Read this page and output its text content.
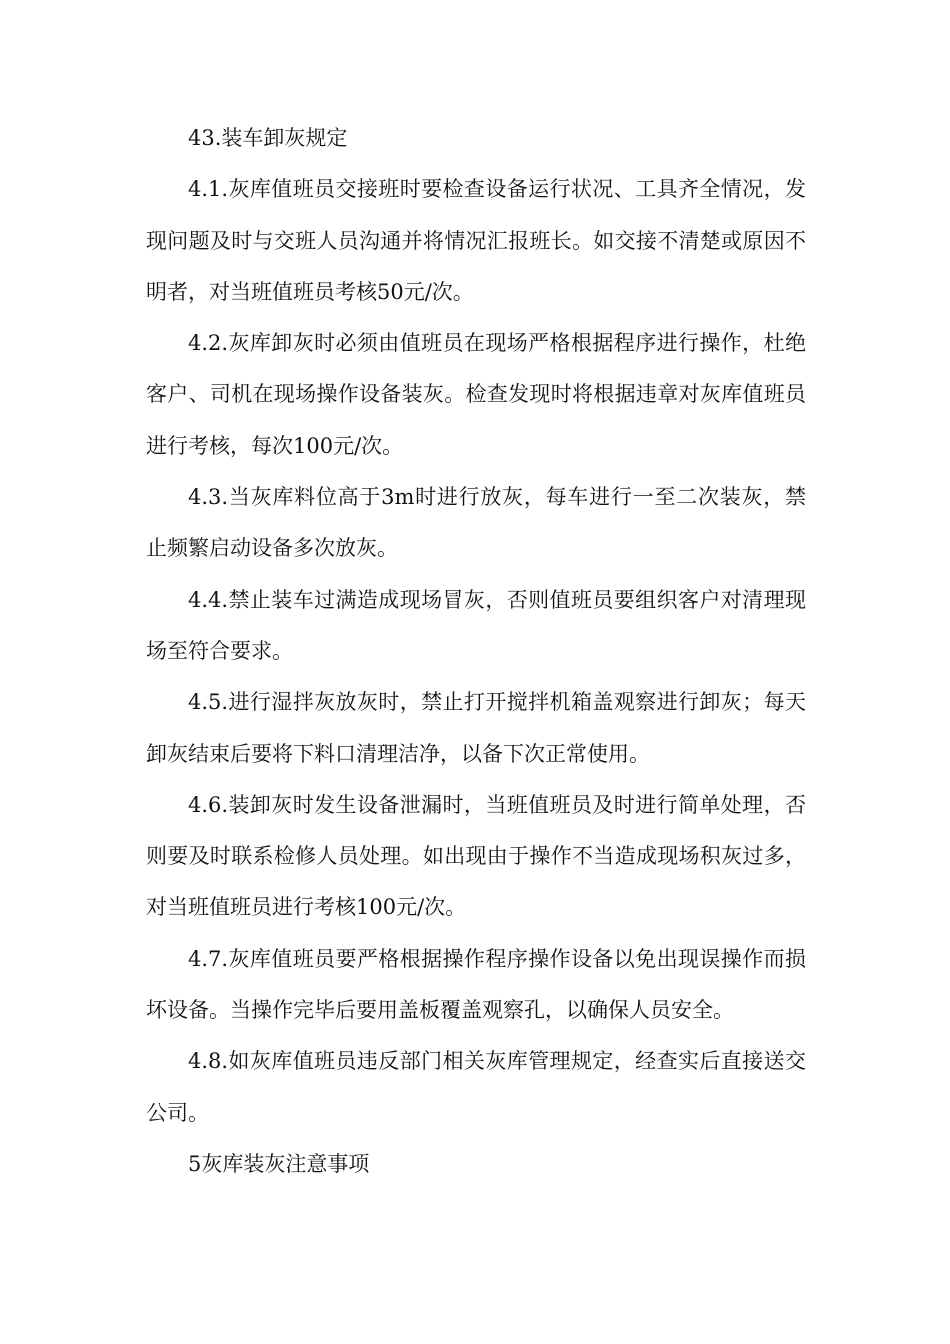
43.装车卸灰规定

4.1.灰库值班员交接班时要检查设备运行状况、工具齐全情况，发现问题及时与交班人员沟通并将情况汇报班长。如交接不清楚或原因不明者，对当班值班员考核50元/次。

4.2.灰库卸灰时必须由值班员在现场严格根据程序进行操作，杜绝客户、司机在现场操作设备装灰。检查发现时将根据违章对灰库值班员进行考核，每次100元/次。

4.3.当灰库料位高于3m时进行放灰，每车进行一至二次装灰，禁止频繁启动设备多次放灰。

4.4.禁止装车过满造成现场冒灰，否则值班员要组织客户对清理现场至符合要求。

4.5.进行湿拌灰放灰时，禁止打开搅拌机箱盖观察进行卸灰；每天卸灰结束后要将下料口清理洁净，以备下次正常使用。

4.6.装卸灰时发生设备泄漏时，当班值班员及时进行简单处理，否则要及时联系检修人员处理。如出现由于操作不当造成现场积灰过多，对当班值班员进行考核100元/次。

4.7.灰库值班员要严格根据操作程序操作设备以免出现误操作而损坏设备。当操作完毕后要用盖板覆盖观察孔，以确保人员安全。

4.8.如灰库值班员违反部门相关灰库管理规定，经查实后直接送交公司。

5灰库装灰注意事项
